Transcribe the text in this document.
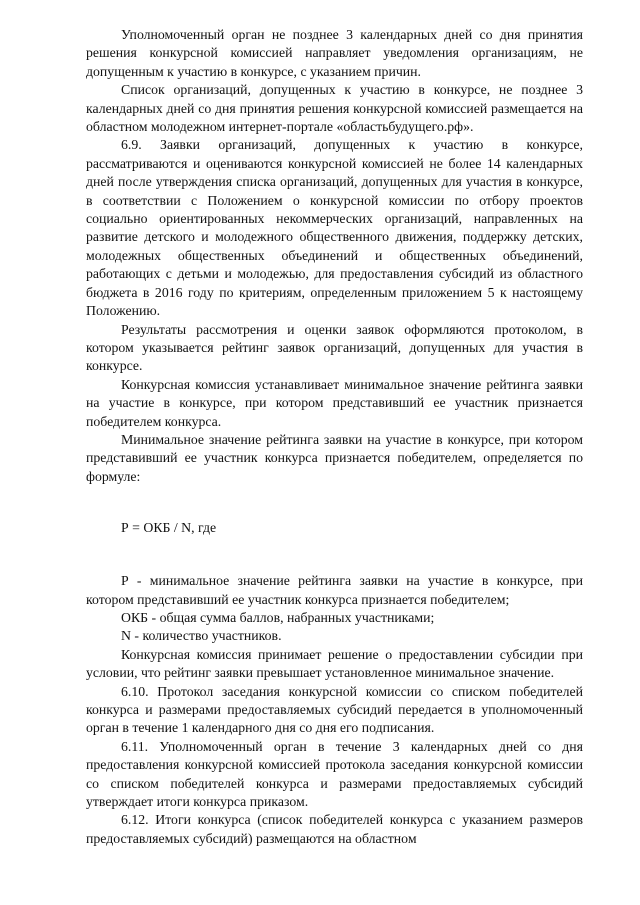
Уполномоченный орган не позднее 3 календарных дней со дня принятия решения конкурсной комиссией направляет уведомления организациям, не допущенным к участию в конкурсе, с указанием причин.

Список организаций, допущенных к участию в конкурсе, не позднее 3 календарных дней со дня принятия решения конкурсной комиссией размещается на областном молодежном интернет-портале «областьбудущего.рф».

6.9. Заявки организаций, допущенных к участию в конкурсе, рассматриваются и оцениваются конкурсной комиссией не более 14 календарных дней после утверждения списка организаций, допущенных для участия в конкурсе, в соответствии с Положением о конкурсной комиссии по отбору проектов социально ориентированных некоммерческих организаций, направленных на развитие детского и молодежного общественного движения, поддержку детских, молодежных общественных объединений и общественных объединений, работающих с детьми и молодежью, для предоставления субсидий из областного бюджета в 2016 году по критериям, определенным приложением 5 к настоящему Положению.

Результаты рассмотрения и оценки заявок оформляются протоколом, в котором указывается рейтинг заявок организаций, допущенных для участия в конкурсе.

Конкурсная комиссия устанавливает минимальное значение рейтинга заявки на участие в конкурсе, при котором представивший ее участник признается победителем конкурса.

Минимальное значение рейтинга заявки на участие в конкурсе, при котором представивший ее участник конкурса признается победителем, определяется по формуле:

Р = ОКБ / N, где

Р - минимальное значение рейтинга заявки на участие в конкурсе, при котором представивший ее участник конкурса признается победителем;

ОКБ - общая сумма баллов, набранных участниками;

N - количество участников.

Конкурсная комиссия принимает решение о предоставлении субсидии при условии, что рейтинг заявки превышает установленное минимальное значение.

6.10. Протокол заседания конкурсной комиссии со списком победителей конкурса и размерами предоставляемых субсидий передается в уполномоченный орган в течение 1 календарного дня со дня его подписания.

6.11. Уполномоченный орган в течение 3 календарных дней со дня предоставления конкурсной комиссией протокола заседания конкурсной комиссии со списком победителей конкурса и размерами предоставляемых субсидий утверждает итоги конкурса приказом.

6.12. Итоги конкурса (список победителей конкурса с указанием размеров предоставляемых субсидий) размещаются на областном
